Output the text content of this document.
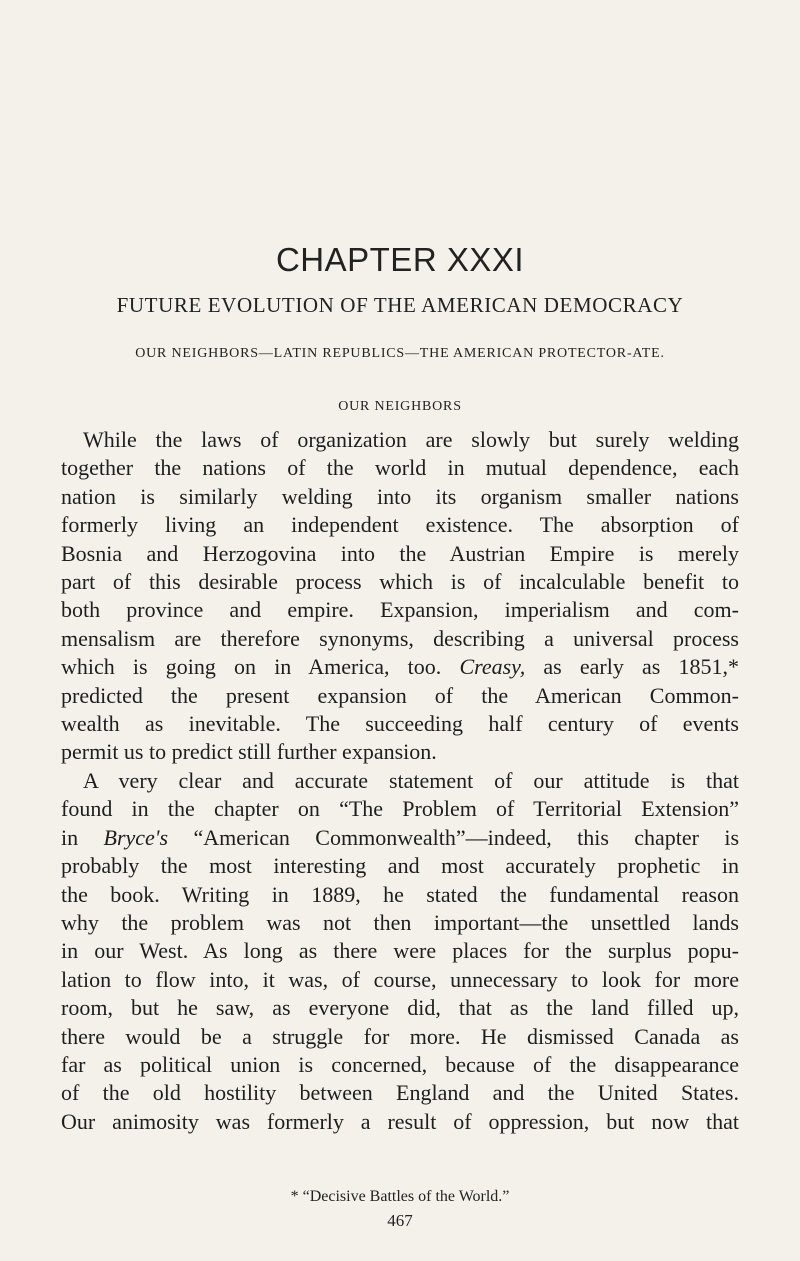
CHAPTER XXXI
FUTURE EVOLUTION OF THE AMERICAN DEMOCRACY
OUR NEIGHBORS—LATIN REPUBLICS—THE AMERICAN PROTECTOR-ATE.
OUR NEIGHBORS
While the laws of organization are slowly but surely welding
together the nations of the world in mutual dependence, each
nation is similarly welding into its organism smaller nations
formerly living an independent existence. The absorption of
Bosnia and Herzogovina into the Austrian Empire is merely
part of this desirable process which is of incalculable benefit to
both province and empire. Expansion, imperialism and com-
mensalism are therefore synonyms, describing a universal process
which is going on in America, too. Creasy, as early as 1851,*
predicted the present expansion of the American Common-
wealth as inevitable. The succeeding half century of events
permit us to predict still further expansion.
A very clear and accurate statement of our attitude is that
found in the chapter on “The Problem of Territorial Extension”
in Bryce's “American Commonwealth”—indeed, this chapter is
probably the most interesting and most accurately prophetic in
the book. Writing in 1889, he stated the fundamental reason
why the problem was not then important—the unsettled lands
in our West. As long as there were places for the surplus popu-
lation to flow into, it was, of course, unnecessary to look for more
room, but he saw, as everyone did, that as the land filled up,
there would be a struggle for more. He dismissed Canada as
far as political union is concerned, because of the disappearance
of the old hostility between England and the United States.
Our animosity was formerly a result of oppression, but now that
* “Decisive Battles of the World.”
467
